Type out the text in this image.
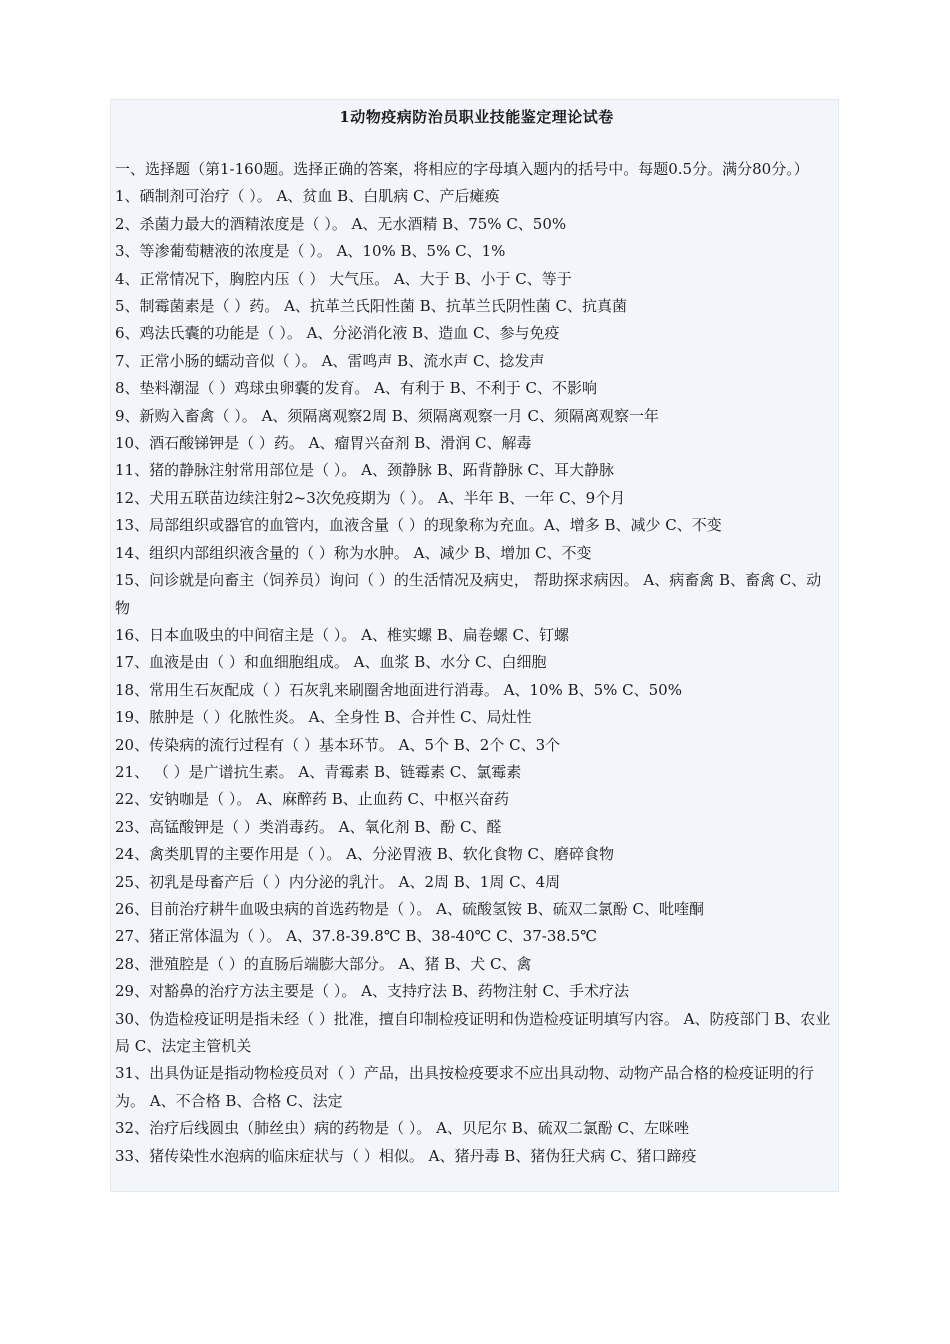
1动物疫病防治员职业技能鉴定理论试卷

一、选择题（第1-160题。选择正确的答案，将相应的字母填入题内的括号中。每题0.5分。满分80分。）

1、硒制剂可治疗（ ）。 A、贫血 B、白肌病 C、产后瘫痪

2、杀菌力最大的酒精浓度是（ ）。 A、无水酒精 B、75% C、50%

3、等渗葡萄糖液的浓度是（ ）。 A、10% B、5% C、1%

4、正常情况下，胸腔内压（ ） 大气压。 A、大于 B、小于 C、等于

5、制霉菌素是（ ）药。 A、抗革兰氏阳性菌 B、抗革兰氏阴性菌 C、抗真菌

6、鸡法氏囊的功能是（ ）。 A、分泌消化液 B、造血 C、参与免疫

7、正常小肠的蠕动音似（ ）。 A、雷鸣声 B、流水声 C、捻发声

8、垫料潮湿（ ）鸡球虫卵囊的发育。 A、有利于 B、不利于 C、不影响

9、新购入畜禽（ ）。 A、须隔离观察2周 B、须隔离观察一月 C、须隔离观察一年

10、酒石酸锑钾是（ ）药。 A、瘤胃兴奋剂 B、滑润 C、解毒

11、猪的静脉注射常用部位是（ ）。 A、颈静脉 B、跖背静脉 C、耳大静脉

12、犬用五联苗边续注射2~3次免疫期为（ ）。 A、半年 B、一年 C、9个月

13、局部组织或器官的血管内，血液含量（ ）的现象称为充血。A、增多 B、减少 C、不变

14、组织内部组织液含量的（ ）称为水肿。 A、减少 B、增加 C、不变

15、问诊就是向畜主（饲养员）询问（ ）的生活情况及病史， 帮助探求病因。 A、病畜禽 B、畜禽 C、动物

16、日本血吸虫的中间宿主是（ ）。 A、椎实螺 B、扁卷螺 C、钉螺

17、血液是由（ ）和血细胞组成。 A、血浆 B、水分 C、白细胞

18、常用生石灰配成（ ）石灰乳来刷圈舍地面进行消毒。 A、10% B、5% C、50%

19、脓肿是（ ）化脓性炎。 A、全身性 B、合并性 C、局灶性

20、传染病的流行过程有（ ）基本环节。 A、5个 B、2个 C、3个

21、 （ ）是广谱抗生素。 A、青霉素 B、链霉素 C、氯霉素

22、安钠咖是（ ）。 A、麻醉药 B、止血药 C、中枢兴奋药

23、高锰酸钾是（ ）类消毒药。 A、氧化剂 B、酚 C、醛

24、禽类肌胃的主要作用是（ ）。 A、分泌胃液 B、软化食物 C、磨碎食物

25、初乳是母畜产后（ ）内分泌的乳汁。 A、2周 B、1周 C、4周

26、目前治疗耕牛血吸虫病的首选药物是（ ）。 A、硫酸氢铵 B、硫双二氯酚 C、吡喹酮

27、猪正常体温为（ ）。 A、37.8-39.8℃ B、38-40℃ C、37-38.5℃

28、泄殖腔是（ ）的直肠后端膨大部分。 A、猪 B、犬 C、禽

29、对豁鼻的治疗方法主要是（ ）。 A、支持疗法 B、药物注射 C、手术疗法

30、伪造检疫证明是指未经（ ）批准，擅自印制检疫证明和伪造检疫证明填写内容。 A、防疫部门 B、农业局 C、法定主管机关

31、出具伪证是指动物检疫员对（ ）产品，出具按检疫要求不应出具动物、动物产品合格的检疫证明的行为。 A、不合格 B、合格 C、法定

32、治疗后线圆虫（肺丝虫）病的药物是（ ）。 A、贝尼尔 B、硫双二氯酚 C、左咪唑

33、猪传染性水泡病的临床症状与（ ）相似。 A、猪丹毒 B、猪伪狂犬病 C、猪口蹄疫
